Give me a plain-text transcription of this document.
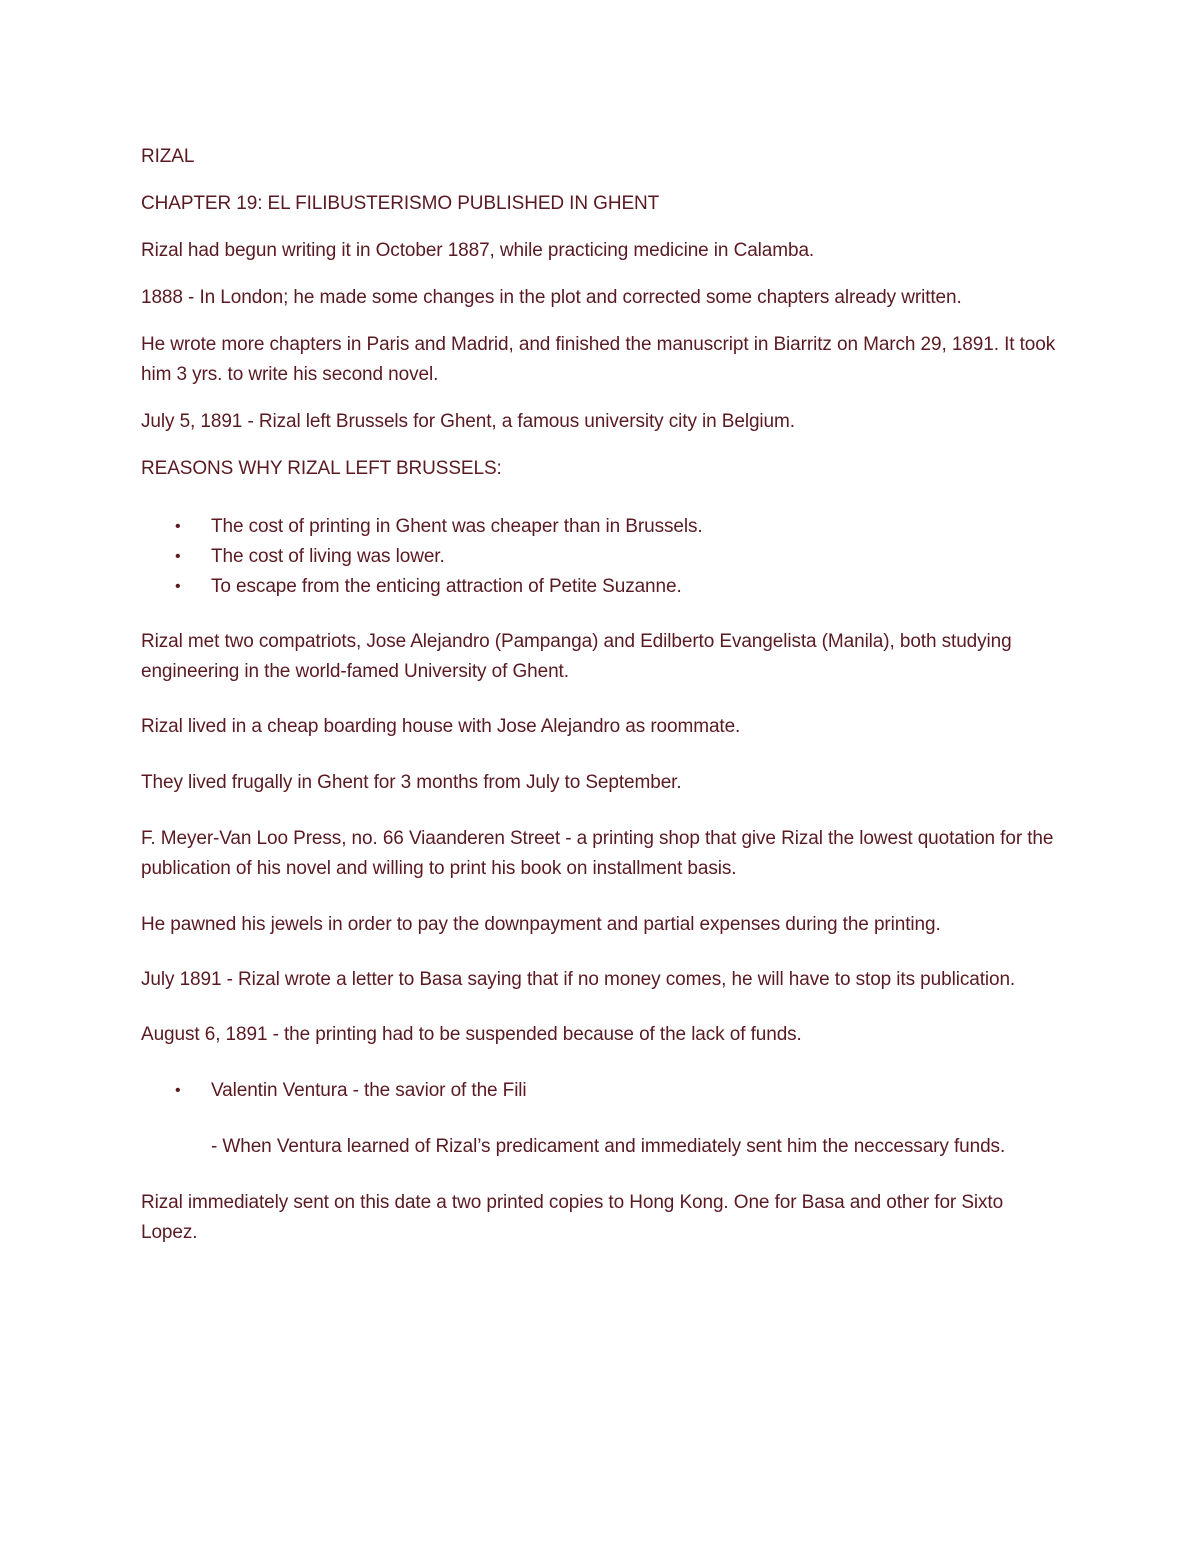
RIZAL

CHAPTER 19: EL FILIBUSTERISMO PUBLISHED IN GHENT

Rizal had begun writing it in October 1887, while practicing medicine in Calamba.

1888 - In London; he made some changes in the plot and corrected some chapters already written.

He wrote more chapters in Paris and Madrid, and finished the manuscript in Biarritz on March 29, 1891. It took him 3 yrs. to write his second novel.

July 5, 1891 - Rizal left Brussels for Ghent, a famous university city in Belgium.

REASONS WHY RIZAL LEFT BRUSSELS:

• The cost of printing in Ghent was cheaper than in Brussels.
• The cost of living was lower.
• To escape from the enticing attraction of Petite Suzanne.

Rizal met two compatriots, Jose Alejandro (Pampanga) and Edilberto Evangelista (Manila), both studying engineering in the world-famed University of Ghent.

Rizal lived in a cheap boarding house with Jose Alejandro as roommate.

They lived frugally in Ghent for 3 months from July to September.

F. Meyer-Van Loo Press, no. 66 Viaanderen Street - a printing shop that give Rizal the lowest quotation for the publication of his novel and willing to print his book on installment basis.

He pawned his jewels in order to pay the downpayment and partial expenses during the printing.

July 1891 - Rizal wrote a letter to Basa saying that if no money comes, he will have to stop its publication.

August 6, 1891 - the printing had to be suspended because of the lack of funds.

• Valentin Ventura - the savior of the Fili

- When Ventura learned of Rizal’s predicament and immediately sent him the neccessary funds.

Rizal immediately sent on this date a two printed copies to Hong Kong. One for Basa and other for Sixto Lopez.
